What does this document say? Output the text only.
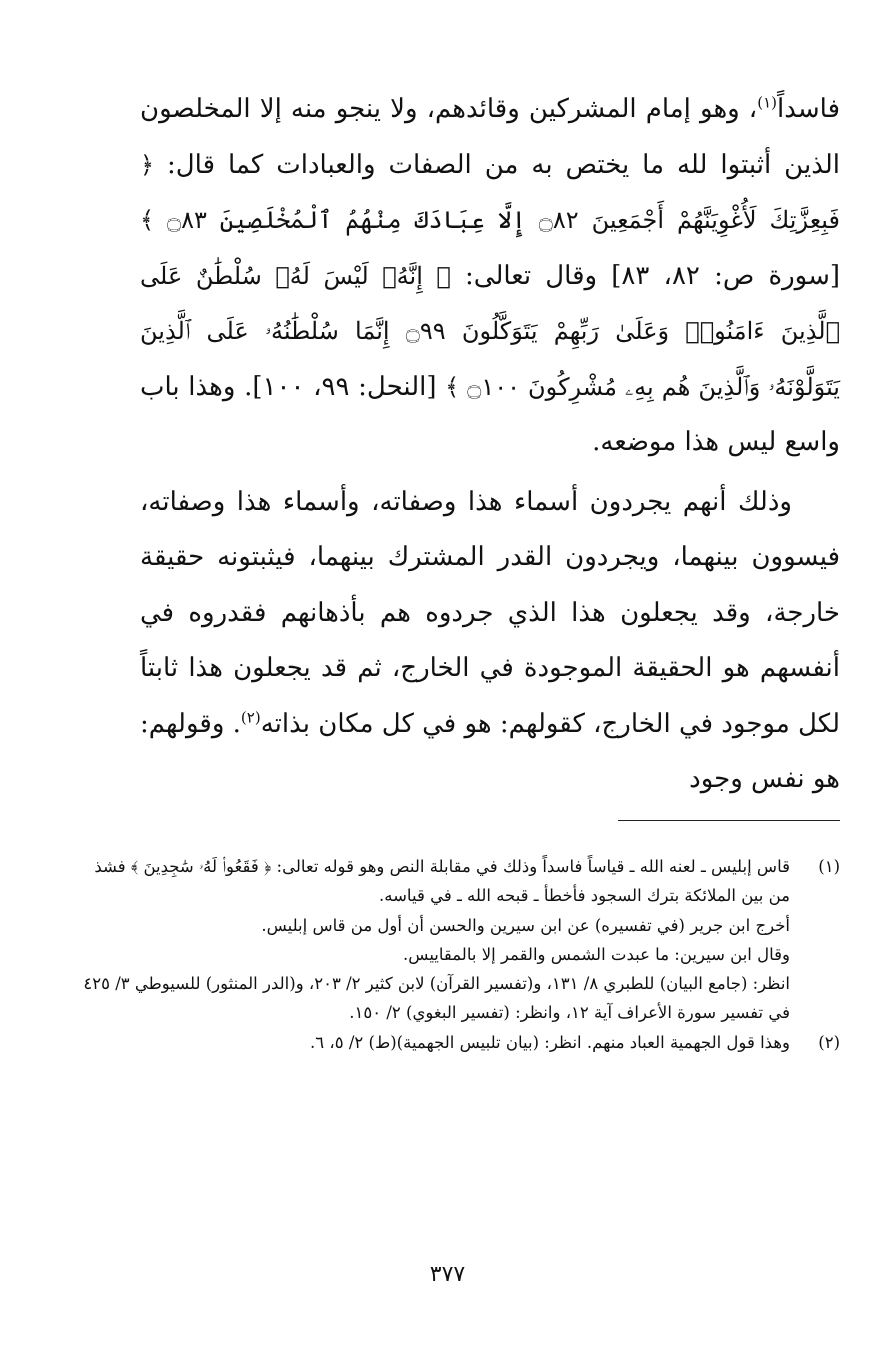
فاسداً$^{(١)}$، وهو إمام المشركين وقائدهم، ولا ينجو منه إلا المخلصون الذين أثبتوا لله ما يختص به من الصفات والعبادات كما قال: ﴿ فَبِعِزَّتِكَ لَأُغْوِيَنَّهُمْ أَجْمَعِينَ ۝٨٢ إِلَّا عِبَادَكَ مِنْهُمُ ٱلْمُخْلَصِينَ ۝٨٣ ﴾ [سورة ص: ٨٢، ٨٣] وقال تعالى: ﴿ إِنَّهُۥ لَيْسَ لَهُۥ سُلْطَٰنٌ عَلَى ٱلَّذِينَ ءَامَنُوا۟ وَعَلَىٰ رَبِّهِمْ يَتَوَكَّلُونَ ۝٩٩ إِنَّمَا سُلْطَٰنُهُۥ عَلَى ٱلَّذِينَ يَتَوَلَّوْنَهُۥ وَٱلَّذِينَ هُم بِهِۦ مُشْرِكُونَ ۝١٠٠ ﴾ [النحل: ٩٩، ١٠٠]. وهذا باب واسع ليس هذا موضعه.

وذلك أنهم يجردون أسماء هذا وصفاته، وأسماء هذا وصفاته، فيسوون بينهما، ويجردون القدر المشترك بينهما، فيثبتونه حقيقة خارجة، وقد يجعلون هذا الذي جردوه هم بأذهانهم فقدروه في أنفسهم هو الحقيقة الموجودة في الخارج، ثم قد يجعلون هذا ثابتاً لكل موجود في الخارج، كقولهم: هو في كل مكان بذاته$^{(٢)}$. وقولهم: هو نفس وجود

(١)
قاس إبليس ـ لعنه الله ـ قياساً فاسداً وذلك في مقابلة النص وهو قوله تعالى: ﴿ فَقَعُوا۟ لَهُۥ سَٰجِدِينَ ﴾ فشذ من بين الملائكة بترك السجود فأخطأ ـ قبحه الله ـ في قياسه.
أخرج ابن جرير (في تفسيره) عن ابن سيرين والحسن أن أول من قاس إبليس.
وقال ابن سيرين: ما عبدت الشمس والقمر إلا بالمقاييس.
انظر: (جامع البيان) للطبري ٨/ ١٣١، و(تفسير القرآن) لابن كثير ٢/ ٢٠٣، و(الدر المنثور) للسيوطي ٣/ ٤٢٥ في تفسير سورة الأعراف آية ١٢، وانظر: (تفسير البغوي) ٢/ ١٥٠.
(٢)
وهذا قول الجهمية العباد منهم. انظر: (بيان تلبيس الجهمية)(ط) ٢/ ٥، ٦.
٣٧٧
